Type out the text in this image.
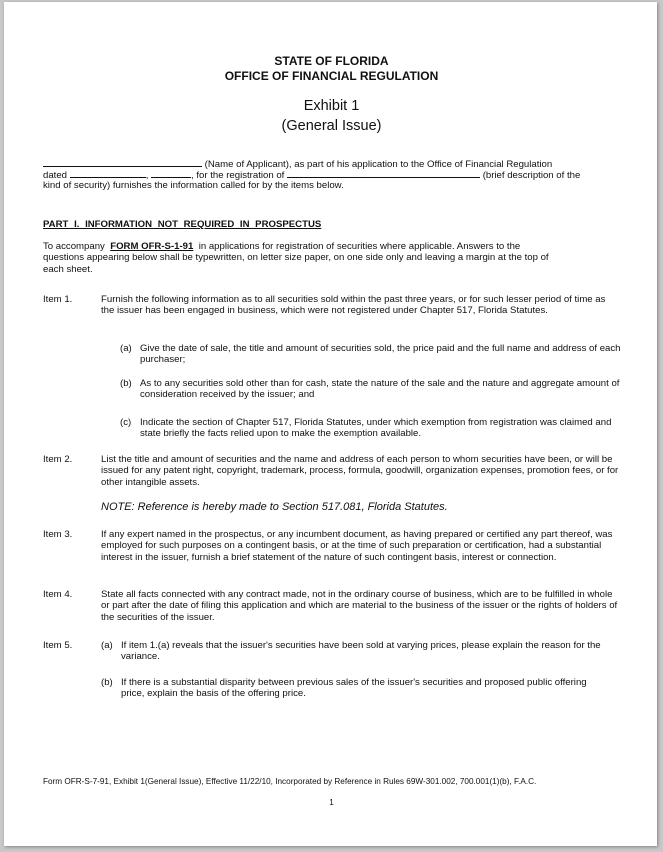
STATE OF FLORIDA
OFFICE OF FINANCIAL REGULATION
Exhibit 1
(General Issue)
(Name of Applicant), as part of his application to the Office of Financial Regulation
dated	,	, for the registration of	(brief description of the
kind of security) furnishes the information called for by the items below.
PART I. INFORMATION NOT REQUIRED IN PROSPECTUS
To accompany FORM OFR-S-1-91 in applications for registration of securities where applicable. Answers to the
questions appearing below shall be typewritten, on letter size paper, on one side only and leaving a margin at the top of
each sheet.
Item 1.	Furnish the following information as to all securities sold within the past three years, or for such lesser period of time as the issuer has been engaged in business, which were not registered under Chapter 517, Florida Statutes.
(a) Give the date of sale, the title and amount of securities sold, the price paid and the full name and address of each purchaser;
(b) As to any securities sold other than for cash, state the nature of the sale and the nature and aggregate amount of consideration received by the issuer; and
(c) Indicate the section of Chapter 517, Florida Statutes, under which exemption from registration was claimed and state briefly the facts relied upon to make the exemption available.
Item 2.	List the title and amount of securities and the name and address of each person to whom securities have been, or will be issued for any patent right, copyright, trademark, process, formula, goodwill, organization expenses, promotion fees, or for other intangible assets.
NOTE: Reference is hereby made to Section 517.081, Florida Statutes.
Item 3.	If any expert named in the prospectus, or any incumbent document, as having prepared or certified any part thereof, was employed for such purposes on a contingent basis, or at the time of such preparation or certification, had a substantial interest in the issuer, furnish a brief statement of the nature of such contingent basis, interest or connection.
Item 4.	State all facts connected with any contract made, not in the ordinary course of business, which are to be fulfilled in whole or part after the date of filing this application and which are material to the business of the issuer or the rights of holders of the securities of the issuer.
Item 5.	(a) If item 1.(a) reveals that the issuer's securities have been sold at varying prices, please explain the reason for the variance.
(b) If there is a substantial disparity between previous sales of the issuer's securities and proposed public offering price, explain the basis of the offering price.
Form OFR-S-7-91, Exhibit 1(General Issue), Effective 11/22/10, Incorporated by Reference in Rules 69W-301.002, 700.001(1)(b), F.A.C.
1
